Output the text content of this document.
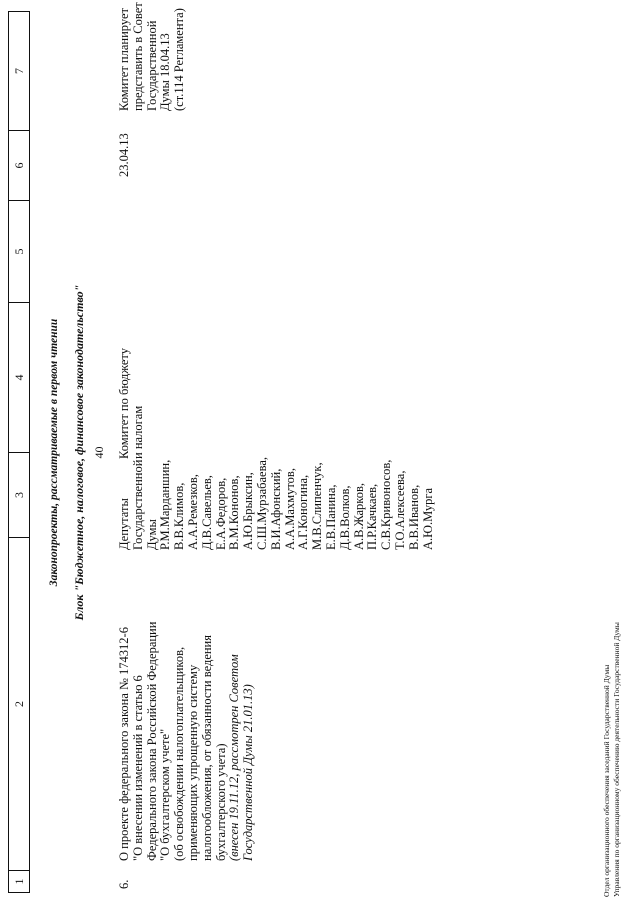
1
2
3
4
5
6
7
Законопроекты, рассматриваемые в первом чтении Блок "Бюджетное, налоговое, финансовое законодательство" 40
6.
О проекте федерального закона № 174312-6 "О внесении изменений в статью 6 Федерального закона Российской Федерации "О бухгалтерском учете" (об освобождении налогоплательщиков, применяющих упрощенную систему налогообложения, от обязанности ведения бухгалтерского учета) (внесен 19.11.12, рассмотрен Советом Государственной Думы 21.01.13)
Депутаты Государственной Думы Р.М.Марданшин, В.В.Климов, А.А.Ремезков, Д.В.Савельев, Е.А.Федоров, В.М.Кононов, А.Ю.Брыксин, С.Ш.Мурзабаева, В.И.Афонский, А.А.Махмутов, А.Г.Коногина, М.В.Слипенчук, Е.В.Панина, Д.В.Волков, А.В.Жарков, П.Р.Качкаев, С.В.Кривоносов, Т.О.Алексеева, В.В.Иванов, А.Ю.Мурга
Комитет по бюджету и налогам
23.04.13
Комитет планирует представить в Совет Государственной Думы 18.04.13 (ст.114 Регламента)
Отдел организационного обеспечения заседаний Государственной Думы Управления по организационному обеспечению деятельности Государственной Думы
